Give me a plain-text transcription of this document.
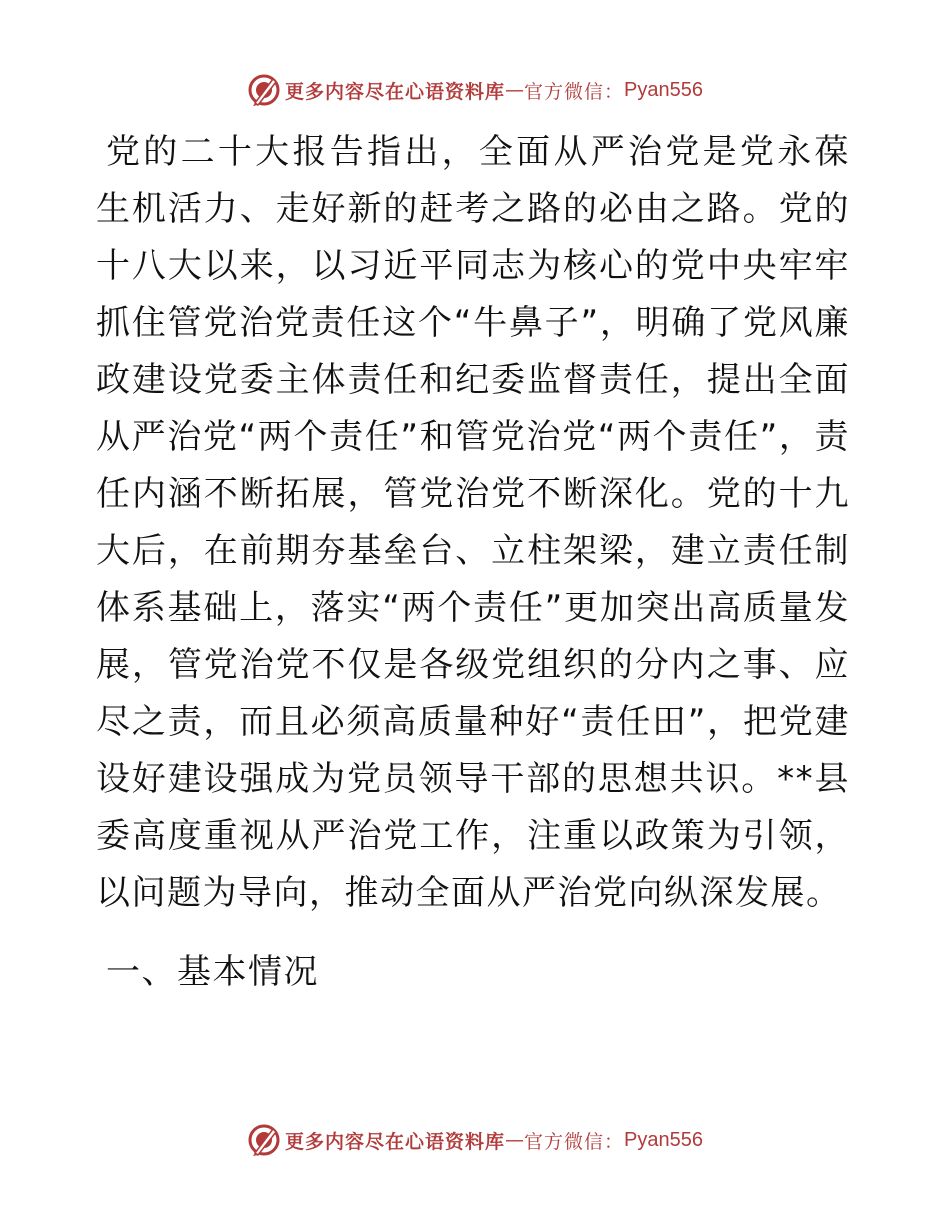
更多内容尽在心语资料库 — 官方微信： Pyan556

党的二十大报告指出，全面从严治党是党永葆生机活力、走好新的赶考之路的必由之路。党的十八大以来，以习近平同志为核心的党中央牢牢抓住管党治党责任这个“牛鼻子”，明确了党风廉政建设党委主体责任和纪委监督责任，提出全面从严治党“两个责任”和管党治党“两个责任”，责任内涵不断拓展，管党治党不断深化。党的十九大后，在前期夯基垒台、立柱架梁，建立责任制体系基础上，落实“两个责任”更加突出高质量发展，管党治党不仅是各级党组织的分内之事、应尽之责，而且必须高质量种好“责任田”，把党建设好建设强成为党员领导干部的思想共识。**县委高度重视从严治党工作，注重以政策为引领，以问题为导向，推动全面从严治党向纵深发展。

一、基本情况
更多内容尽在心语资料库 — 官方微信： Pyan556
